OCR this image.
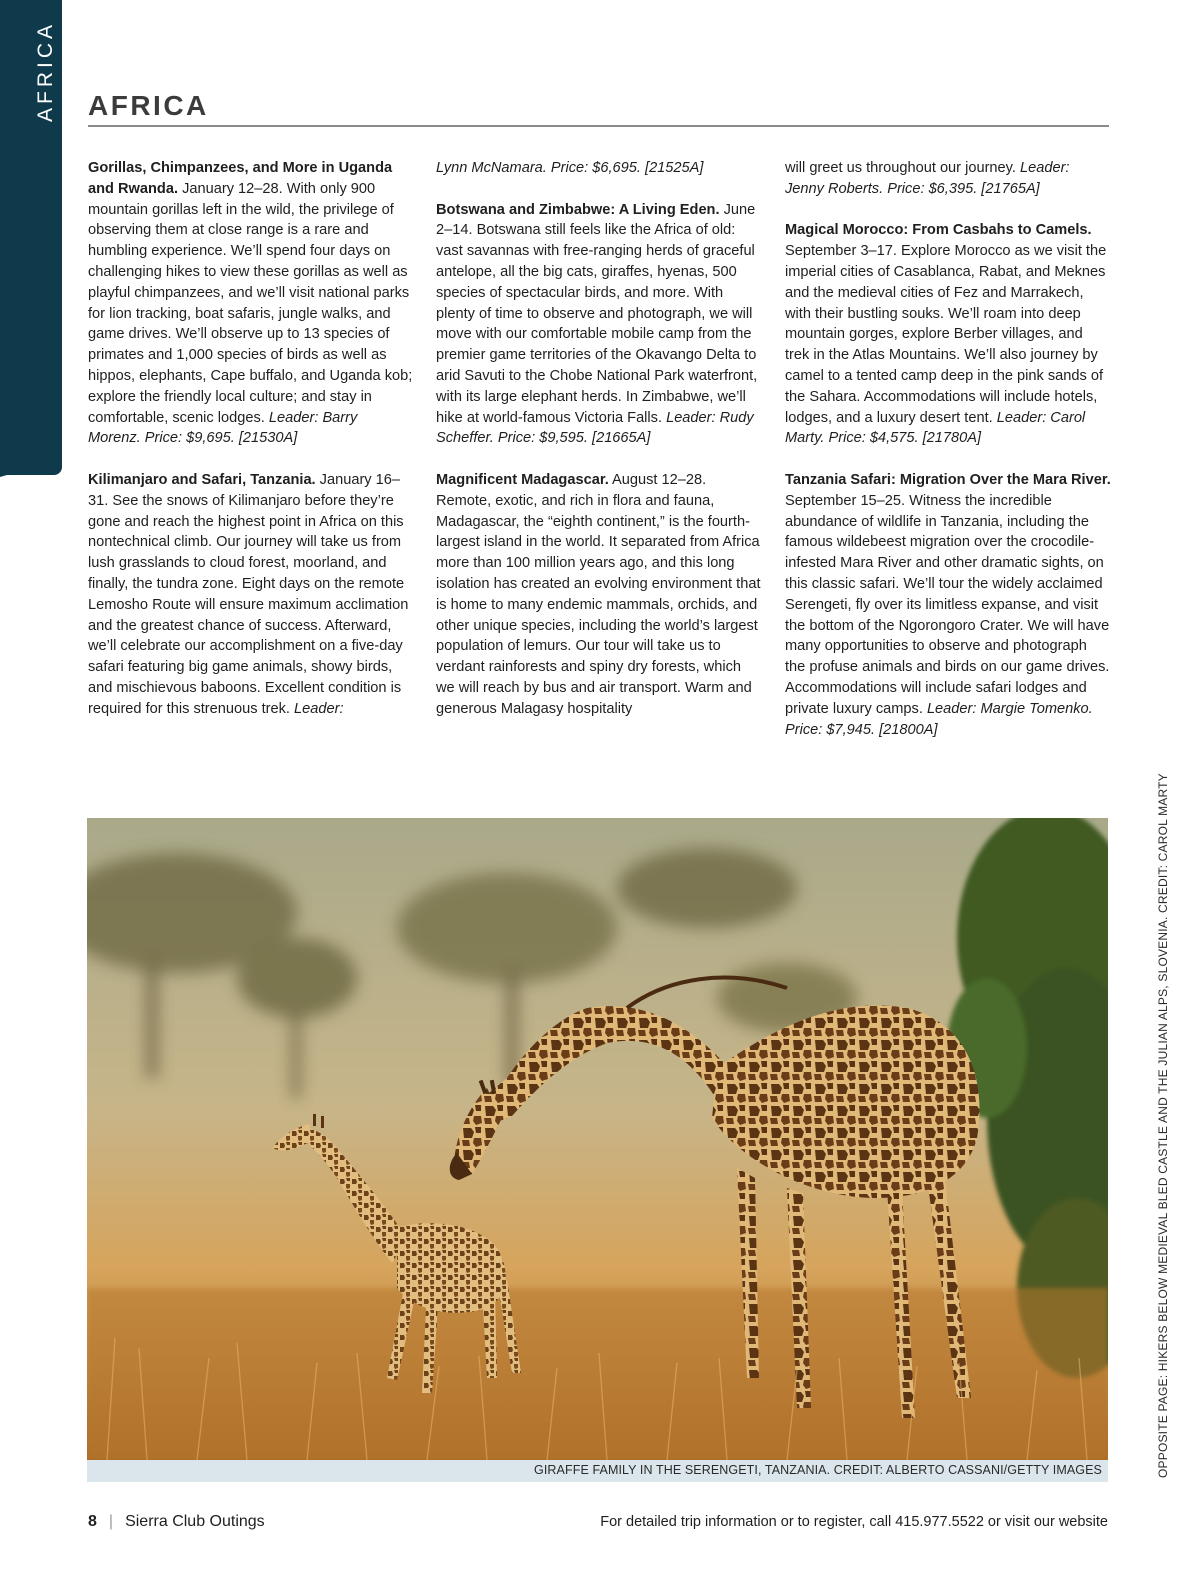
AFRICA AFRICA

Gorillas, Chimpanzees, and More in Uganda and Rwanda. January 12–28. With only 900 mountain gorillas left in the wild, the privilege of observing them at close range is a rare and humbling experience. We’ll spend four days on challenging hikes to view these gorillas as well as playful chimpanzees, and we’ll visit national parks for lion tracking, boat safaris, jungle walks, and game drives. We’ll observe up to 13 species of primates and 1,000 species of birds as well as hippos, elephants, Cape buffalo, and Uganda kob; explore the friendly local culture; and stay in comfortable, scenic lodges. Leader: Barry Morenz. Price: $9,695. [21530A]

Kilimanjaro and Safari, Tanzania. January 16–31. See the snows of Kilimanjaro before they’re gone and reach the highest point in Africa on this nontechnical climb. Our journey will take us from lush grasslands to cloud forest, moorland, and finally, the tundra zone. Eight days on the remote Lemosho Route will ensure maximum acclimation and the greatest chance of success. Afterward, we’ll celebrate our accomplishment on a five-day safari featuring big game animals, showy birds, and mischievous baboons. Excellent condition is required for this strenuous trek. Leader:

Lynn McNamara. Price: $6,695. [21525A]

Botswana and Zimbabwe: A Living Eden. June 2–14. Botswana still feels like the Africa of old: vast savannas with free-ranging herds of graceful antelope, all the big cats, giraffes, hyenas, 500 species of spectacular birds, and more. With plenty of time to observe and photograph, we will move with our comfortable mobile camp from the premier game territories of the Okavango Delta to arid Savuti to the Chobe National Park waterfront, with its large elephant herds. In Zimbabwe, we’ll hike at world-famous Victoria Falls. Leader: Rudy Scheffer. Price: $9,595. [21665A]

Magnificent Madagascar. August 12–28. Remote, exotic, and rich in flora and fauna, Madagascar, the “eighth continent,” is the fourth-largest island in the world. It separated from Africa more than 100 million years ago, and this long isolation has created an evolving environment that is home to many endemic mammals, orchids, and other unique species, including the world’s largest population of lemurs. Our tour will take us to verdant rainforests and spiny dry forests, which we will reach by bus and air transport. Warm and generous Malagasy hospitality

will greet us throughout our journey. Leader: Jenny Roberts. Price: $6,395. [21765A]

Magical Morocco: From Casbahs to Camels. September 3–17. Explore Morocco as we visit the imperial cities of Casablanca, Rabat, and Meknes and the medieval cities of Fez and Marrakech, with their bustling souks. We’ll roam into deep mountain gorges, explore Berber villages, and trek in the Atlas Mountains. We’ll also journey by camel to a tented camp deep in the pink sands of the Sahara. Accommodations will include hotels, lodges, and a luxury desert tent. Leader: Carol Marty. Price: $4,575. [21780A]

Tanzania Safari: Migration Over the Mara River. September 15–25. Witness the incredible abundance of wildlife in Tanzania, including the famous wildebeest migration over the crocodile-infested Mara River and other dramatic sights, on this classic safari. We’ll tour the widely acclaimed Serengeti, fly over its limitless expanse, and visit the bottom of the Ngorongoro Crater. We will have many opportunities to observe and photograph the profuse animals and birds on our game drives. Accommodations will include safari lodges and private luxury camps. Leader: Margie Tomenko. Price: $7,945. [21800A]

GIRAFFE FAMILY IN THE SERENGETI, TANZANIA. CREDIT: ALBERTO CASSANI/GETTY IMAGES	OPPOSITE PAGE: HIKERS BELOW MEDIEVAL BLED CASTLE AND THE JULIAN ALPS, SLOVENIA. CREDIT: CAROL MARTY
8 | Sierra Club Outings	For detailed trip information or to register, call 415.977.5522 or visit our website
